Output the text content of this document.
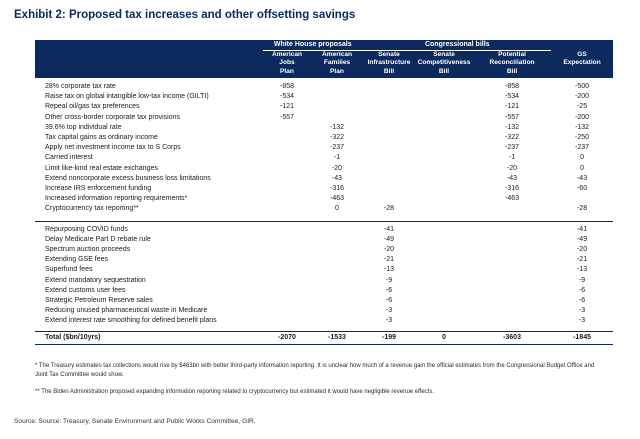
Exhibit 2: Proposed tax increases and other offsetting savings
	White House proposals		Congressional bills			
	American
Jobs
Plan	American
Families
Plan	Senate
Infrastructure
Bill	Senate
Competitiveness
Bill	Potential
Reconciliation
Bill	GS
Expectation
28% corporate tax rate	-858				-858	-500
Raise tax on global intangible low-tax income (GILTI)	-534				-534	-200
Repeal oil/gas tax preferences	-121				-121	-25
Other cross-border corporate tax provisions	-557				-557	-200
39.6% top individual rate		-132			-132	-132
Tax capital gains as ordinary income		-322			-322	-250
Apply net investment income tax to S Corps		-237			-237	-237
Carried interest		-1			-1	0
Limit like-kind real estate exchanges		-20			-20	0
Extend noncorporate excess business loss limitations		-43			-43	-43
Increase IRS enforcement funding		-316			-316	-60
Increased information reporting requirements*		-463			-463	
Cryptocurrency tax reporting**		0	-28			-28

Repurposing COVID funds			-41			-41
Delay Medicare Part D rebate rule			-49			-49
Spectrum auction proceeds			-20			-20
Extending GSE fees			-21			-21
Superfund fees			-13			-13
Extend mandatory sequestration			-9			-9
Extend customs user fees			-6			-6
Strategic Petroleum Reserve sales			-6			-6
Reducing unused pharmaceutical waste in Medicare			-3			-3
Extend interest rate smoothing for defined benefit plans			-3			-3

Total ($bn/10yrs)	-2070	-1533	-199	0	-3603	-1845

* The Treasury estimates tax collections would rise by $463bn with better third-party information reporting. It is unclear how much of a revenue gain the official estimates from the Congressional Budget Office and Joint Tax Committee would show.

** The Biden Administration proposed expanding information reporting related to cryptocurrency but estimated it would have negligible revenue effects.

Source: Source: Treasury, Senate Environment and Public Works Committee, GIR.
